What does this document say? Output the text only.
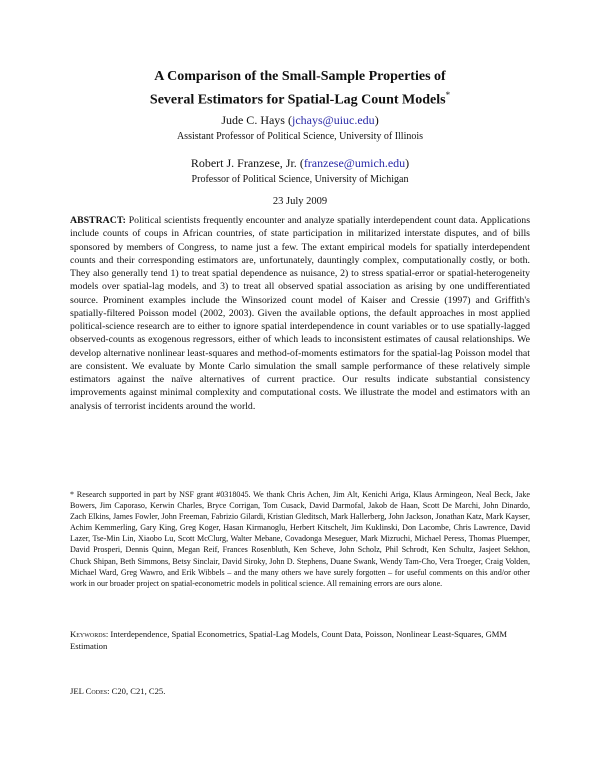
A Comparison of the Small-Sample Properties of
Several Estimators for Spatial-Lag Count Models*
Jude C. Hays (jchays@uiuc.edu)
Assistant Professor of Political Science, University of Illinois
Robert J. Franzese, Jr. (franzese@umich.edu)
Professor of Political Science, University of Michigan
23 July 2009

ABSTRACT: Political scientists frequently encounter and analyze spatially interdependent count data. Applications include counts of coups in African countries, of state participation in militarized interstate disputes, and of bills sponsored by members of Congress, to name just a few. The extant empirical models for spatially interdependent counts and their corresponding estimators are, unfortunately, dauntingly complex, computationally costly, or both. They also generally tend 1) to treat spatial dependence as nuisance, 2) to stress spatial-error or spatial-heterogeneity models over spatial-lag models, and 3) to treat all observed spatial association as arising by one undifferentiated source. Prominent examples include the Winsorized count model of Kaiser and Cressie (1997) and Griffith's spatially-filtered Poisson model (2002, 2003). Given the available options, the default approaches in most applied political-science research are to either to ignore spatial interdependence in count variables or to use spatially-lagged observed-counts as exogenous regressors, either of which leads to inconsistent estimates of causal relationships. We develop alternative nonlinear least-squares and method-of-moments estimators for the spatial-lag Poisson model that are consistent. We evaluate by Monte Carlo simulation the small sample performance of these relatively simple estimators against the naïve alternatives of current practice. Our results indicate substantial consistency improvements against minimal complexity and computational costs. We illustrate the model and estimators with an analysis of terrorist incidents around the world.

* Research supported in part by NSF grant #0318045. We thank Chris Achen, Jim Alt, Kenichi Ariga, Klaus Armingeon, Neal Beck, Jake Bowers, Jim Caporaso, Kerwin Charles, Bryce Corrigan, Tom Cusack, David Darmofal, Jakob de Haan, Scott De Marchi, John Dinardo, Zach Elkins, James Fowler, John Freeman, Fabrizio Gilardi, Kristian Gleditsch, Mark Hallerberg, John Jackson, Jonathan Katz, Mark Kayser, Achim Kemmerling, Gary King, Greg Koger, Hasan Kirmanoglu, Herbert Kitschelt, Jim Kuklinski, Don Lacombe, Chris Lawrence, David Lazer, Tse-Min Lin, Xiaobo Lu, Scott McClurg, Walter Mebane, Covadonga Meseguer, Mark Mizruchi, Michael Peress, Thomas Pluemper, David Prosperi, Dennis Quinn, Megan Reif, Frances Rosenbluth, Ken Scheve, John Scholz, Phil Schrodt, Ken Schultz, Jasjeet Sekhon, Chuck Shipan, Beth Simmons, Betsy Sinclair, David Siroky, John D. Stephens, Duane Swank, Wendy Tam-Cho, Vera Troeger, Craig Volden, Michael Ward, Greg Wawro, and Erik Wibbels – and the many others we have surely forgotten – for useful comments on this and/or other work in our broader project on spatial-econometric models in political science. All remaining errors are ours alone.

Keywords: Interdependence, Spatial Econometrics, Spatial-Lag Models, Count Data, Poisson, Nonlinear Least-Squares, GMM Estimation

JEL Codes: C20, C21, C25.
